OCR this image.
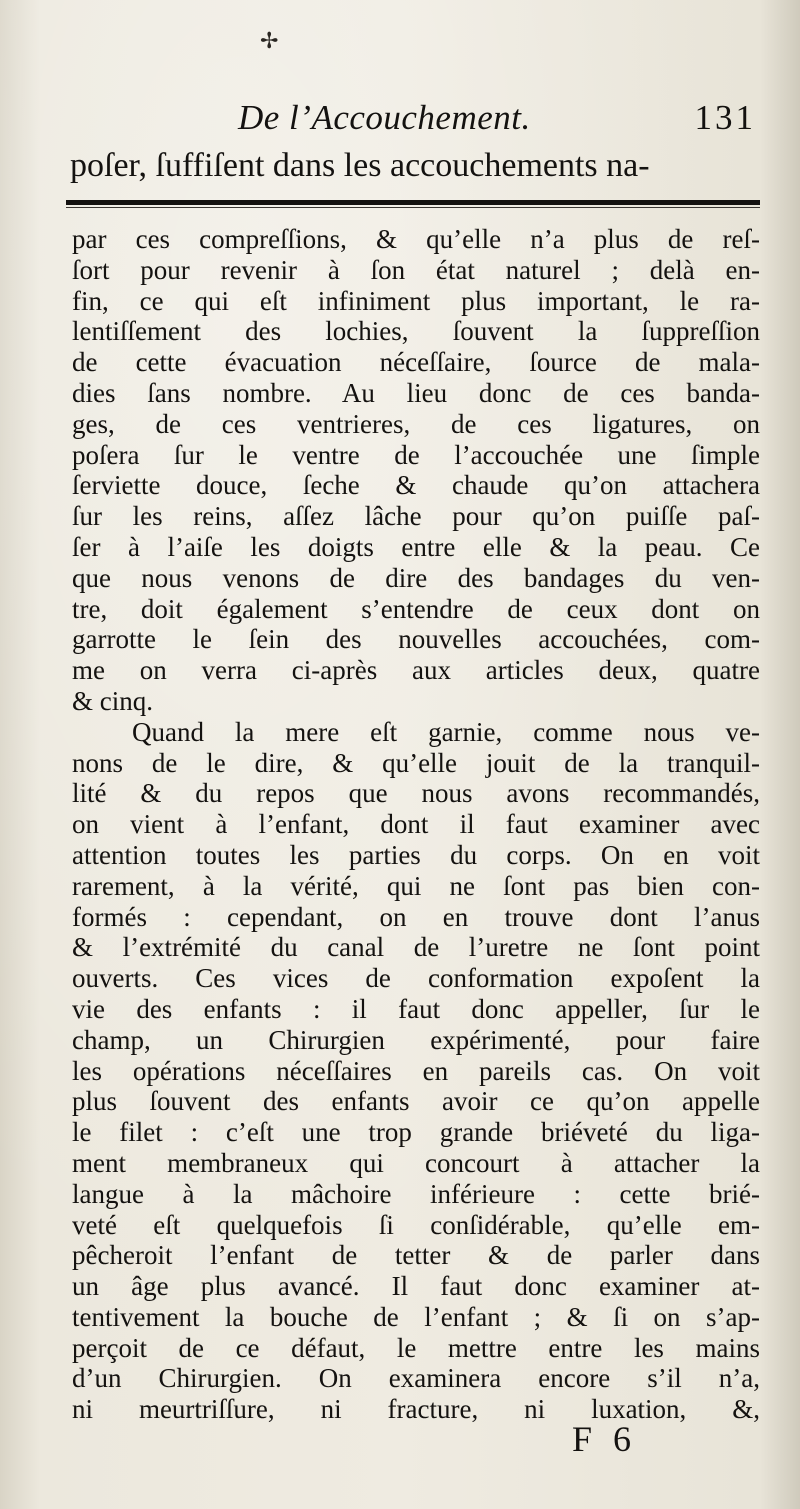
✢
De l’Accouchement.	131
poſer, ſuffiſent dans les accouchements na-
par ces compreſſions, & qu’elle n’a plus de reſ-
ſort pour revenir à ſon état naturel ; delà en-
fin, ce qui eſt infiniment plus important, le ra-
lentiſſement des lochies, ſouvent la ſuppreſſion
de cette évacuation néceſſaire, ſource de mala-
dies ſans nombre. Au lieu donc de ces banda-
ges, de ces ventrieres, de ces ligatures, on
poſera ſur le ventre de l’accouchée une ſimple
ſerviette douce, ſeche & chaude qu’on attachera
ſur les reins, aſſez lâche pour qu’on puiſſe paſ-
ſer à l’aiſe les doigts entre elle & la peau. Ce
que nous venons de dire des bandages du ven-
tre, doit également s’entendre de ceux dont on
garrotte le ſein des nouvelles accouchées, com-
me on verra ci-après aux articles deux, quatre
& cinq.
Quand la mere eſt garnie, comme nous ve-
nons de le dire, & qu’elle jouit de la tranquil-
lité & du repos que nous avons recommandés,
on vient à l’enfant, dont il faut examiner avec
attention toutes les parties du corps. On en voit
rarement, à la vérité, qui ne ſont pas bien con-
formés : cependant, on en trouve dont l’anus
& l’extrémité du canal de l’uretre ne ſont point
ouverts. Ces vices de conformation expoſent la
vie des enfants : il faut donc appeller, ſur le
champ, un Chirurgien expérimenté, pour faire
les opérations néceſſaires en pareils cas. On voit
plus ſouvent des enfants avoir ce qu’on appelle
le filet : c’eſt une trop grande briéveté du liga-
ment membraneux qui concourt à attacher la
langue à la mâchoire inférieure : cette brié-
veté eſt quelquefois ſi conſidérable, qu’elle em-
pêcheroit l’enfant de tetter & de parler dans
un âge plus avancé. Il faut donc examiner at-
tentivement la bouche de l’enfant ; & ſi on s’ap-
perçoit de ce défaut, le mettre entre les mains
d’un Chirurgien. On examinera encore s’il n’a,
ni meurtriſſure, ni fracture, ni luxation, &,
F 6
